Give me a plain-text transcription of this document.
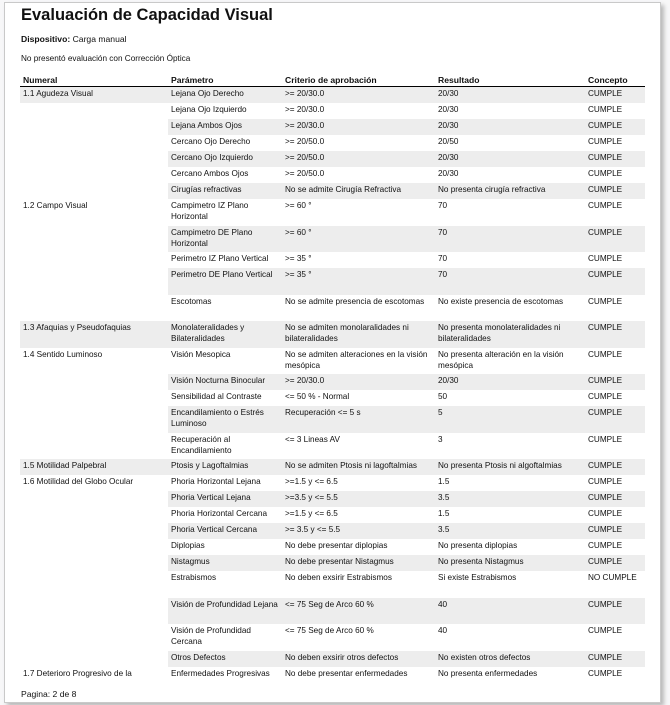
Evaluación de Capacidad Visual
Dispositivo: Carga manual
No presentó evaluación con Corrección Óptica
Numeral	Parámetro	Criterio de aprobación	Resultado	Concepto
1.1 Agudeza Visual	Lejana Ojo Derecho	>= 20/30.0	20/30	CUMPLE
	Lejana Ojo Izquierdo	>= 20/30.0	20/30	CUMPLE
	Lejana Ambos Ojos	>= 20/30.0	20/30	CUMPLE
	Cercano Ojo Derecho	>= 20/50.0	20/50	CUMPLE
	Cercano Ojo Izquierdo	>= 20/50.0	20/30	CUMPLE
	Cercano Ambos Ojos	>= 20/50.0	20/30	CUMPLE
	Cirugías refractivas	No se admite Cirugía Refractiva	No presenta cirugía refractiva	CUMPLE
1.2 Campo Visual	Campimetro IZ Plano Horizontal	>= 60 °	70	CUMPLE
	Campimetro DE Plano Horizontal	>= 60 °	70	CUMPLE
	Perimetro IZ Plano Vertical	>= 35 °	70	CUMPLE
	Perimetro DE Plano Vertical	>= 35 °	70	CUMPLE
	Escotomas	No se admite presencia de escotomas	No existe presencia de escotomas	CUMPLE
1.3 Afaquias y Pseudofaquias	Monolateralidades y Bilateralidades	No se admiten monolaralidades ni bilateralidades	No presenta monolateralidades ni bilateralidades	CUMPLE
1.4 Sentido Luminoso	Visión Mesopica	No se admiten alteraciones en la visión mesópica	No presenta alteración en la visión mesópica	CUMPLE
	Visión Nocturna Binocular	>= 20/30.0	20/30	CUMPLE
	Sensibilidad al Contraste	<= 50 % - Normal	50	CUMPLE
	Encandilamiento o Estrés Luminoso	Recuperación <= 5 s	5	CUMPLE
	Recuperación al Encandilamiento	<= 3 Lineas AV	3	CUMPLE
1.5 Motilidad Palpebral	Ptosis y Lagoftalmias	No se admiten Ptosis ni lagoftalmias	No presenta Ptosis ni algoftalmias	CUMPLE
1.6 Motilidad del Globo Ocular	Phoria Horizontal Lejana	>=1.5 y <= 6.5	1.5	CUMPLE
	Phoria Vertical Lejana	>=3.5 y <= 5.5	3.5	CUMPLE
	Phoria Horizontal Cercana	>=1.5 y <= 6.5	1.5	CUMPLE
	Phoria Vertical Cercana	>= 3.5 y <= 5.5	3.5	CUMPLE
	Diplopias	No debe presentar diplopias	No presenta diplopias	CUMPLE
	Nistagmus	No debe presentar Nistagmus	No presenta Nistagmus	CUMPLE
	Estrabismos	No deben exsirir Estrabismos	Si existe Estrabismos	NO CUMPLE
	Visión de Profundidad Lejana	<= 75 Seg de Arco 60 %	40	CUMPLE
	Visión de Profundidad Cercana	<= 75 Seg de Arco 60 %	40	CUMPLE
	Otros Defectos	No deben exsirir otros defectos	No existen otros defectos	CUMPLE
1.7 Deterioro Progresivo de la	Enfermedades Progresivas	No debe presentar enfermedades	No presenta enfermedades	CUMPLE
Pagina: 2 de 8
